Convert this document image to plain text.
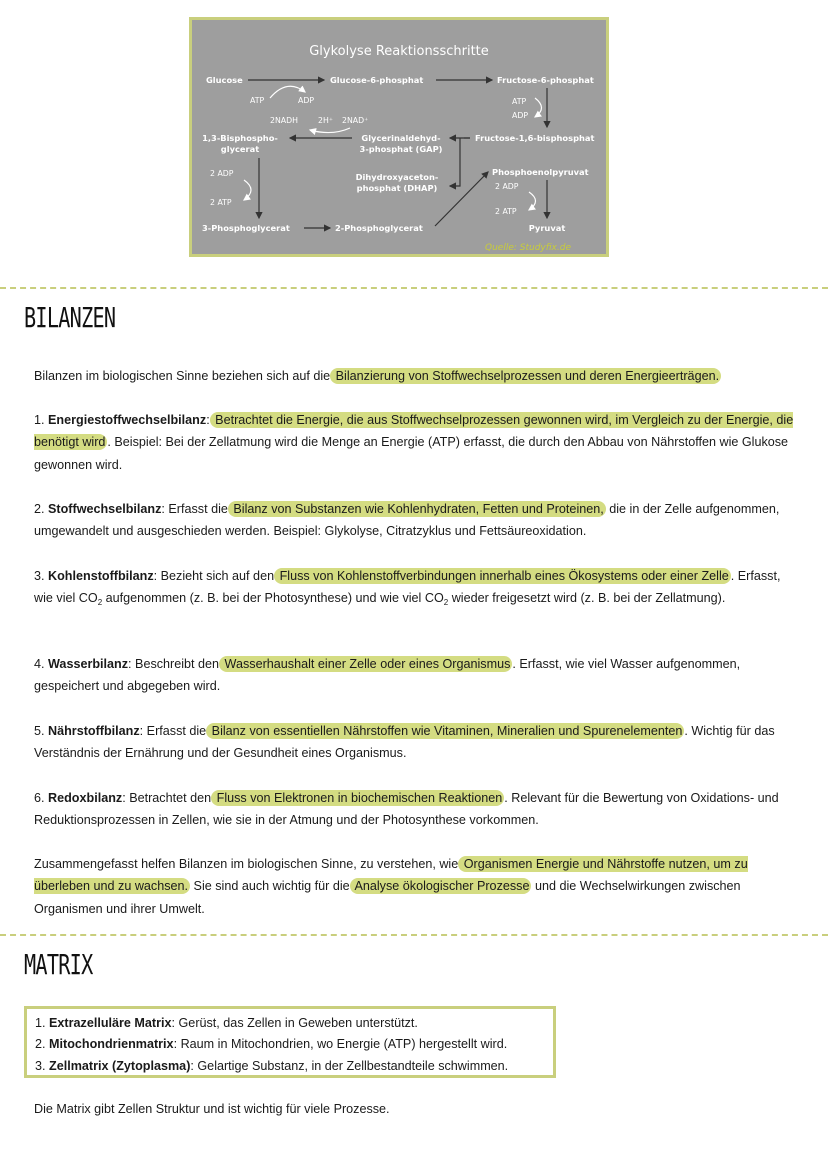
Glykolyse Reaktionsschritte
Glucose	Glucose-6-phosphat	Fructose-6-phosphat
ATP	ADP	ATP
ADP
Fructose-1,6-bisphosphat
Glycerinaldehyd-
3-phosphat (GAP)
2NADH	2H⁺ 2NAD⁺
1,3-Bisphospho-
glycerat
Dihydroxyaceton-
phosphat (DHAP)
2 ADP
2 ATP
3-Phosphoglycerat	2-Phosphoglycerat
Phosphoenolpyruvat
2 ADP
2 ATP
Pyruvat
Quelle: Studyfix.de
BILANZEN

Bilanzen im biologischen Sinne beziehen sich auf die Bilanzierung von Stoffwechselprozessen und deren Energieerträgen.

1. Energiestoffwechselbilanz: Betrachtet die Energie, die aus Stoffwechselprozessen gewonnen wird, im Vergleich zu der Energie, die benötigt wird . Beispiel: Bei der Zellatmung wird die Menge an Energie (ATP) erfasst, die durch den Abbau von Nährstoffen wie Glukose gewonnen wird.

2. Stoffwechselbilanz: Erfasst die Bilanz von Substanzen wie Kohlenhydraten, Fetten und Proteinen, die in der Zelle aufgenommen, umgewandelt und ausgeschieden werden. Beispiel: Glykolyse, Citratzyklus und Fettsäureoxidation.

3. Kohlenstoffbilanz: Bezieht sich auf den Fluss von Kohlenstoffverbindungen innerhalb eines Ökosystems oder einer Zelle . Erfasst, wie viel $CO_2$ aufgenommen (z. B. bei der Photosynthese) und wie viel $CO_2$ wieder freigesetzt wird (z. B. bei der Zellatmung).

4. Wasserbilanz: Beschreibt den Wasserhaushalt einer Zelle oder eines Organismus . Erfasst, wie viel Wasser aufgenommen, gespeichert und abgegeben wird.

5. Nährstoffbilanz: Erfasst die Bilanz von essentiellen Nährstoffen wie Vitaminen, Mineralien und Spurenelementen . Wichtig für das Verständnis der Ernährung und der Gesundheit eines Organismus.

6. Redoxbilanz: Betrachtet den Fluss von Elektronen in biochemischen Reaktionen . Relevant für die Bewertung von Oxidations- und Reduktionsprozessen in Zellen, wie sie in der Atmung und der Photosynthese vorkommen.

Zusammengefasst helfen Bilanzen im biologischen Sinne, zu verstehen, wie Organismen Energie und Nährstoffe nutzen, um zu überleben und zu wachsen. Sie sind auch wichtig für die Analyse ökologischer Prozesse und die Wechselwirkungen zwischen Organismen und ihrer Umwelt.

MATRIX
1. Extrazelluläre Matrix: Gerüst, das Zellen in Geweben unterstützt.
2. Mitochondrienmatrix: Raum in Mitochondrien, wo Energie (ATP) hergestellt wird.
3. Zellmatrix (Zytoplasma): Gelartige Substanz, in der Zellbestandteile schwimmen.

Die Matrix gibt Zellen Struktur und ist wichtig für viele Prozesse.
